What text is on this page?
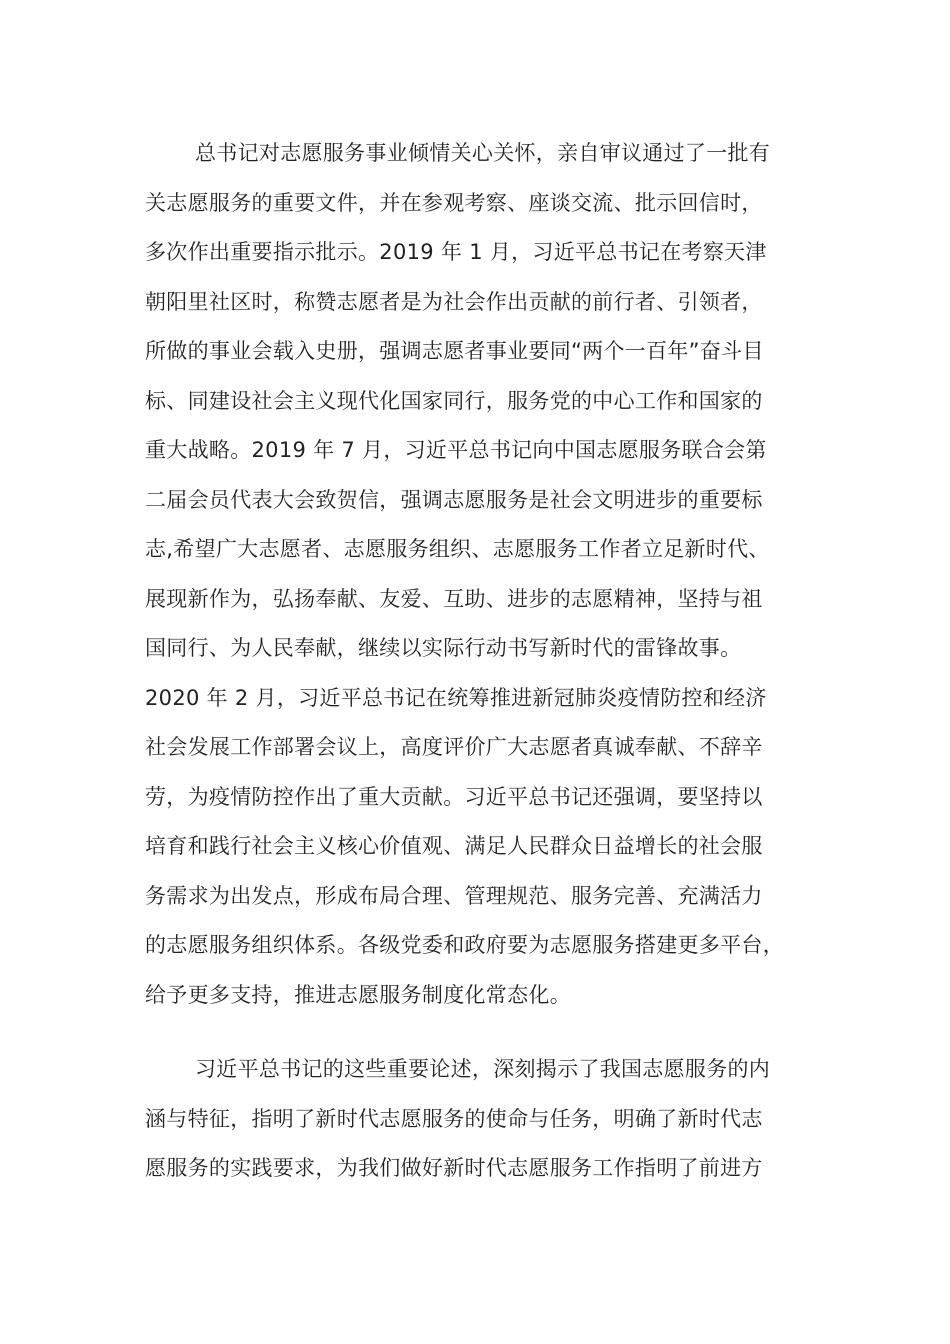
总书记对志愿服务事业倾情关心关怀，亲自审议通过了一批有
关志愿服务的重要文件，并在参观考察、座谈交流、批示回信时，
多次作出重要指示批示。2019 年 1 月，习近平总书记在考察天津
朝阳里社区时，称赞志愿者是为社会作出贡献的前行者、引领者，
所做的事业会载入史册，强调志愿者事业要同“两个一百年”奋斗目
标、同建设社会主义现代化国家同行，服务党的中心工作和国家的
重大战略。2019 年 7 月，习近平总书记向中国志愿服务联合会第
二届会员代表大会致贺信，强调志愿服务是社会文明进步的重要标
志,希望广大志愿者、志愿服务组织、志愿服务工作者立足新时代、
展现新作为，弘扬奉献、友爱、互助、进步的志愿精神，坚持与祖
国同行、为人民奉献，继续以实际行动书写新时代的雷锋故事。
2020 年 2 月，习近平总书记在统筹推进新冠肺炎疫情防控和经济
社会发展工作部署会议上，高度评价广大志愿者真诚奉献、不辞辛
劳，为疫情防控作出了重大贡献。习近平总书记还强调，要坚持以
培育和践行社会主义核心价值观、满足人民群众日益增长的社会服
务需求为出发点，形成布局合理、管理规范、服务完善、充满活力
的志愿服务组织体系。各级党委和政府要为志愿服务搭建更多平台，
给予更多支持，推进志愿服务制度化常态化。
习近平总书记的这些重要论述，深刻揭示了我国志愿服务的内
涵与特征，指明了新时代志愿服务的使命与任务，明确了新时代志
愿服务的实践要求，为我们做好新时代志愿服务工作指明了前进方
